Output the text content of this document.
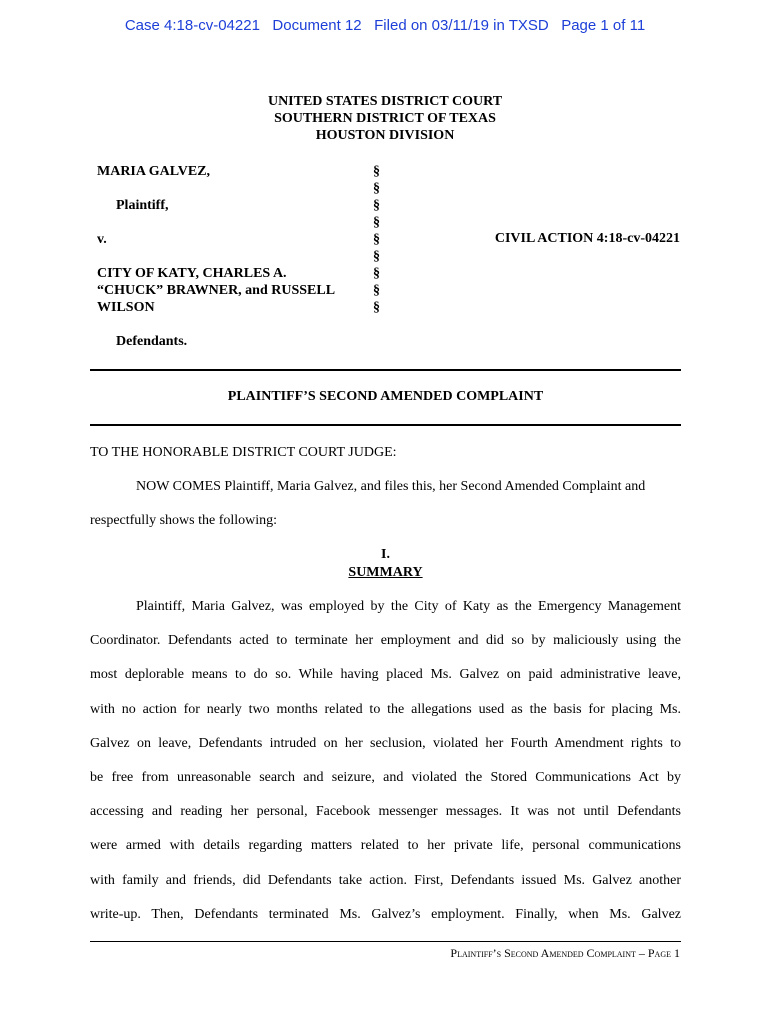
Case 4:18-cv-04221   Document 12   Filed on 03/11/19 in TXSD   Page 1 of 11
UNITED STATES DISTRICT COURT
SOUTHERN DISTRICT OF TEXAS
HOUSTON DIVISION
MARIA GALVEZ,
Plaintiff,
v.
CITY OF KATY, CHARLES A.
“CHUCK” BRAWNER, and RUSSELL
WILSON
Defendants.
§
§
§
§
§
§
§
§
§
CIVIL ACTION 4:18-cv-04221
PLAINTIFF’S SECOND AMENDED COMPLAINT
TO THE HONORABLE DISTRICT COURT JUDGE:
NOW COMES Plaintiff, Maria Galvez, and files this, her Second Amended Complaint and
respectfully shows the following:
I.
SUMMARY
Plaintiff, Maria Galvez, was employed by the City of Katy as the Emergency Management
Coordinator. Defendants acted to terminate her employment and did so by maliciously using the
most deplorable means to do so. While having placed Ms. Galvez on paid administrative leave,
with no action for nearly two months related to the allegations used as the basis for placing Ms.
Galvez on leave, Defendants intruded on her seclusion, violated her Fourth Amendment rights to
be free from unreasonable search and seizure, and violated the Stored Communications Act by
accessing and reading her personal, Facebook messenger messages. It was not until Defendants
were armed with details regarding matters related to her private life, personal communications
with family and friends, did Defendants take action. First, Defendants issued Ms. Galvez another
write-up. Then, Defendants terminated Ms. Galvez’s employment. Finally, when Ms. Galvez
Plaintiff’s Second Amended Complaint – Page 1
